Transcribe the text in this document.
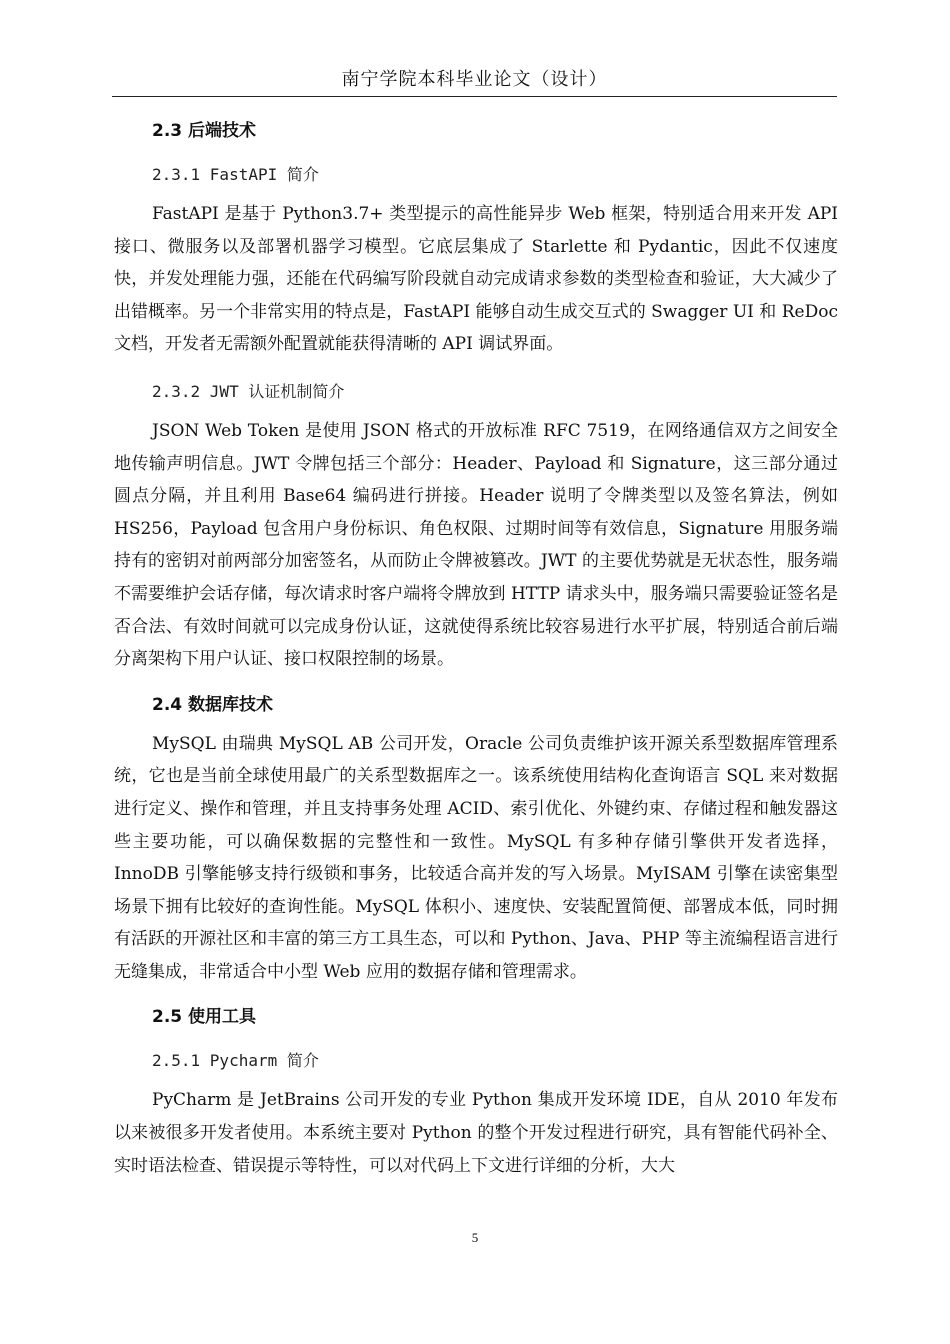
南宁学院本科毕业论文（设计）
2.3 后端技术
2.3.1 FastAPI 简介

FastAPI 是基于 Python3.7+ 类型提示的高性能异步 Web 框架，特别适合用来开发 API 接口、微服务以及部署机器学习模型。它底层集成了 Starlette 和 Pydantic，因此不仅速度快，并发处理能力强，还能在代码编写阶段就自动完成请求参数的类型检查和验证，大大减少了出错概率。另一个非常实用的特点是，FastAPI 能够自动生成交互式的 Swagger UI 和 ReDoc 文档，开发者无需额外配置就能获得清晰的 API 调试界面。

2.3.2 JWT 认证机制简介

JSON Web Token 是使用 JSON 格式的开放标准 RFC 7519，在网络通信双方之间安全地传输声明信息。JWT 令牌包括三个部分：Header、Payload 和 Signature，这三部分通过圆点分隔，并且利用 Base64 编码进行拼接。Header 说明了令牌类型以及签名算法，例如 HS256，Payload 包含用户身份标识、角色权限、过期时间等有效信息，Signature 用服务端持有的密钥对前两部分加密签名，从而防止令牌被篡改。JWT 的主要优势就是无状态性，服务端不需要维护会话存储，每次请求时客户端将令牌放到 HTTP 请求头中，服务端只需要验证签名是否合法、有效时间就可以完成身份认证，这就使得系统比较容易进行水平扩展，特别适合前后端分离架构下用户认证、接口权限控制的场景。

2.4 数据库技术

MySQL 由瑞典 MySQL AB 公司开发，Oracle 公司负责维护该开源关系型数据库管理系统，它也是当前全球使用最广的关系型数据库之一。该系统使用结构化查询语言 SQL 来对数据进行定义、操作和管理，并且支持事务处理 ACID、索引优化、外键约束、存储过程和触发器这些主要功能，可以确保数据的完整性和一致性。MySQL 有多种存储引擎供开发者选择，InnoDB 引擎能够支持行级锁和事务，比较适合高并发的写入场景。MyISAM 引擎在读密集型场景下拥有比较好的查询性能。MySQL 体积小、速度快、安装配置简便、部署成本低，同时拥有活跃的开源社区和丰富的第三方工具生态，可以和 Python、Java、PHP 等主流编程语言进行无缝集成，非常适合中小型 Web 应用的数据存储和管理需求。

2.5 使用工具
2.5.1 Pycharm 简介

PyCharm 是 JetBrains 公司开发的专业 Python 集成开发环境 IDE，自从 2010 年发布以来被很多开发者使用。本系统主要对 Python 的整个开发过程进行研究，具有智能代码补全、实时语法检查、错误提示等特性，可以对代码上下文进行详细的分析，大大

5
